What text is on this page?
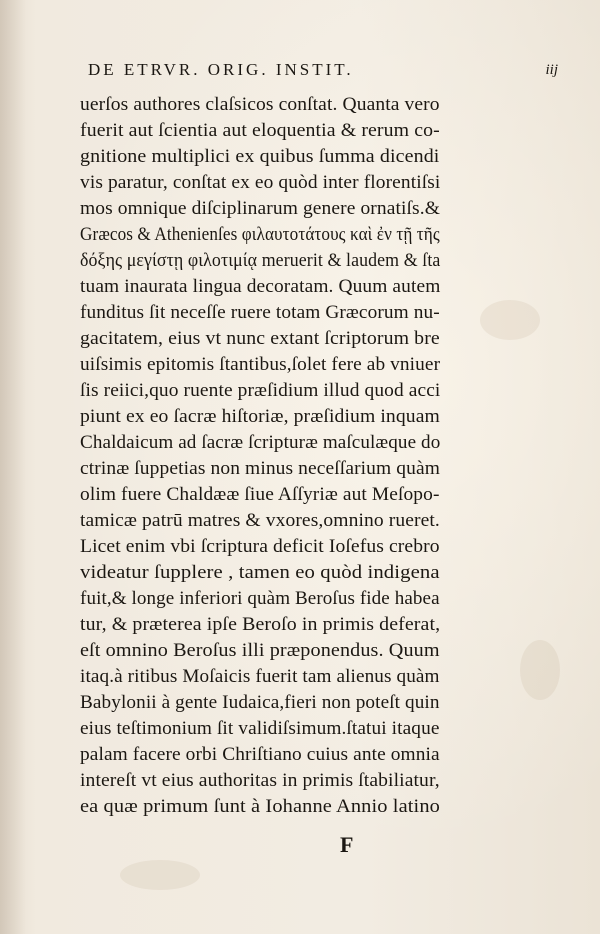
DE ETRVR. ORIG. INSTIT.	iij
uerſos authores claſsicos conſtat. Quanta vero
fuerit aut ſcientia aut eloquentia & rerum co-
gnitione multiplici ex quibus ſumma dicendi
vis paratur, conſtat ex eo quòd inter florentiſsi
mos omnique diſciplinarum genere ornatiſs.&
Græcos & Athenienſes φιλαυτοτάτους καὶ ἐν τῇ τῆς
δόξης μεγίστῃ φιλοτιμίᾳ meruerit & laudem & ſta
tuam inaurata lingua decoratam. Quum autem
funditus ſit neceſſe ruere totam Græcorum nu-
gacitatem, eius vt nunc extant ſcriptorum bre
uiſsimis epitomis ſtantibus,ſolet fere ab vniuer
ſis reiici,quo ruente præſidium illud quod acci
piunt ex eo ſacræ hiſtoriæ, præſidium inquam
Chaldaicum ad ſacræ ſcripturæ maſculæque do
ctrinæ ſuppetias non minus neceſſarium quàm
olim fuere Chaldææ ſiue Aſſyriæ aut Meſopo-
tamicæ patrū matres & vxores,omnino rueret.
Licet enim vbi ſcriptura deficit Ioſefus crebro
videatur ſupplere , tamen eo quòd indigena
fuit,& longe inferiori quàm Beroſus fide habea
tur, & præterea ipſe Beroſo in primis deferat,
eſt omnino Beroſus illi præponendus. Quum
itaq.à ritibus Moſaicis fuerit tam alienus quàm
Babylonii à gente Iudaica,fieri non poteſt quin
eius teſtimonium ſit validiſsimum.ſtatui itaque
palam facere orbi Chriſtiano cuius ante omnia
intereſt vt eius authoritas in primis ſtabiliatur,
ea quæ primum ſunt à Iohanne Annio latino
F
